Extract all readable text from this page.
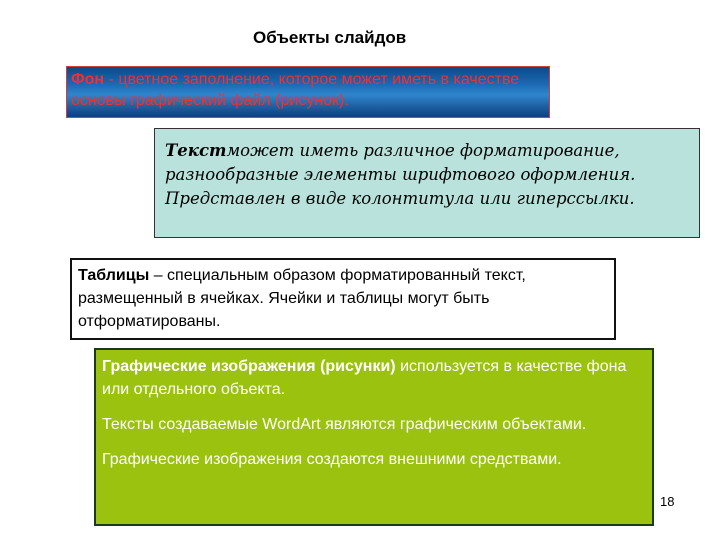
Объекты слайдов

Фон - цветное заполнение, которое может иметь в качестве основы графический файл (рисунок).

Текстможет иметь различное форматирование, разнообразные элементы шрифтового оформления. Представлен в виде колонтитула или гиперссылки.

Таблицы – специальным образом форматированный текст, размещенный в ячейках. Ячейки и таблицы могут быть отформатированы.

Графические изображения (рисунки) используется в качестве фона или отдельного объекта.

Тексты создаваемые WordArt являются графическим объектами.

Графические изображения создаются внешними средствами.

18
